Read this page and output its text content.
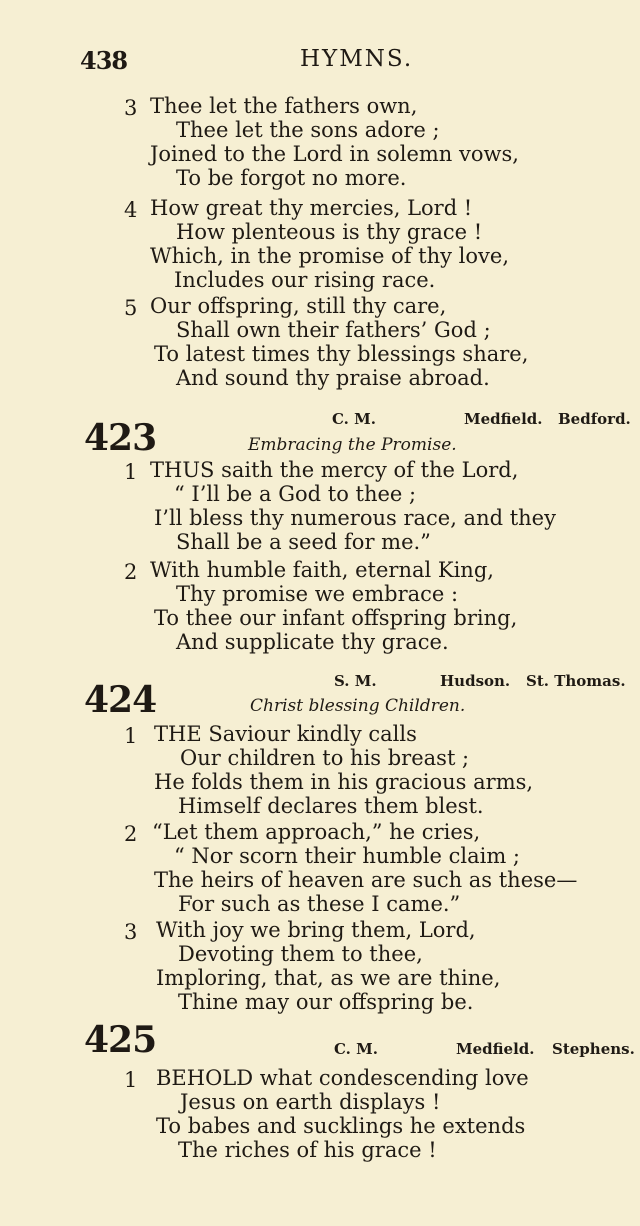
438	HYMNS.
3 Thee let the fathers own,
Thee let the sons adore ;
Joined to the Lord in solemn vows,
To be forgot no more.
4 How great thy mercies, Lord !
How plenteous is thy grace !
Which, in the promise of thy love,
Includes our rising race.
5 Our offspring, still thy care,
Shall own their fathers’ God ;
To latest times thy blessings share,
And sound thy praise abroad.
C. M.	Medfield. Bedford.
423	Embracing the Promise.
1 THUS saith the mercy of the Lord,
“ I’ll be a God to thee ;
I’ll bless thy numerous race, and they
Shall be a seed for me.”
2 With humble faith, eternal King,
Thy promise we embrace :
To thee our infant offspring bring,
And supplicate thy grace.
S. M.	Hudson. St. Thomas.
424	Christ blessing Children.
1 THE Saviour kindly calls
Our children to his breast ;
He folds them in his gracious arms,
Himself declares them blest.
2 “Let them approach,” he cries,
“ Nor scorn their humble claim ;
The heirs of heaven are such as these—
For such as these I came.”
3 With joy we bring them, Lord,
Devoting them to thee,
Imploring, that, as we are thine,
Thine may our offspring be.
425	C. M.	Medfield. Stephens.
1 BEHOLD what condescending love
Jesus on earth displays !
To babes and sucklings he extends
The riches of his grace !
